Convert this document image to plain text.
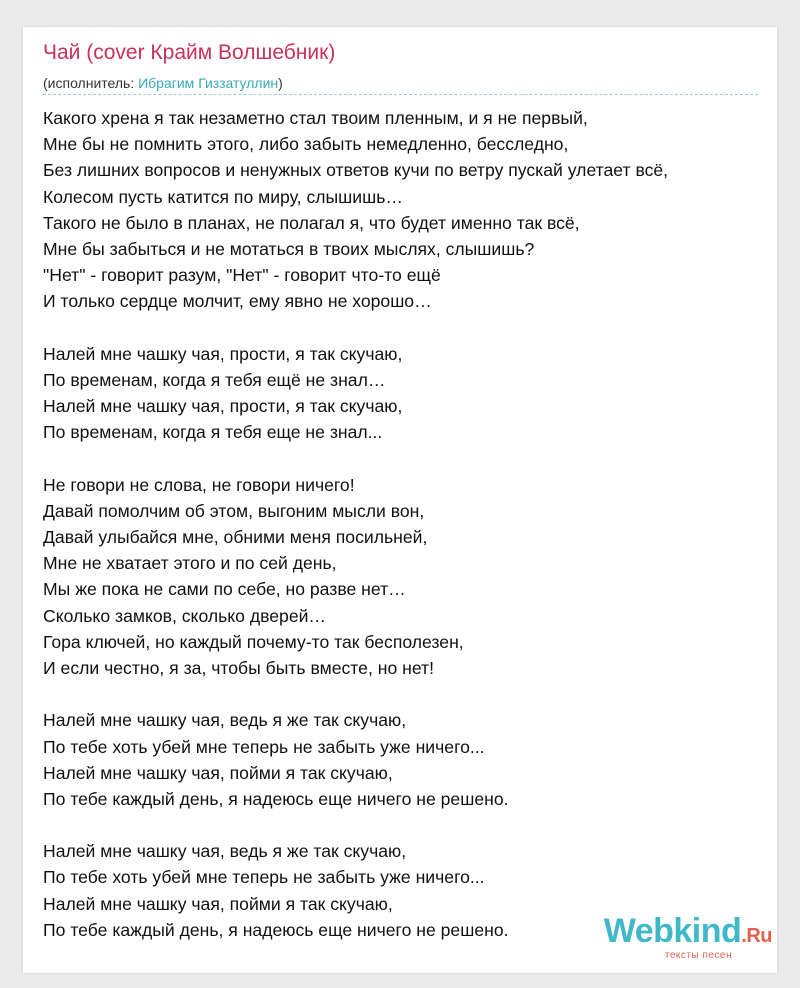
Чай (cover Крайм Волшебник)
(исполнитель: Ибрагим Гиззатуллин)
Какого хрена я так незаметно стал твоим пленным, и я не первый,
Мне бы не помнить этого, либо забыть немедленно, бесследно,
Без лишних вопросов и ненужных ответов кучи по ветру пускай улетает всё,
Колесом пусть катится по миру, слышишь…
Такого не было в планах, не полагал я, что будет именно так всё,
Мне бы забыться и не мотаться в твоих мыслях, слышишь?
"Нет" - говорит разум, "Нет" - говорит что-то ещё
И только сердце молчит, ему явно не хорошо…
Налей мне чашку чая, прости, я так скучаю,
По временам, когда я тебя ещё не знал…
Налей мне чашку чая, прости, я так скучаю,
По временам, когда я тебя еще не знал...
Не говори не слова, не говори ничего!
Давай помолчим об этом, выгоним мысли вон,
Давай улыбайся мне, обними меня посильней,
Мне не хватает этого и по сей день,
Мы же пока не сами по себе, но разве нет…
Сколько замков, сколько дверей…
Гора ключей, но каждый почему-то так бесполезен,
И если честно, я за, чтобы быть вместе, но нет!
Налей мне чашку чая, ведь я же так скучаю,
По тебе хоть убей мне теперь не забыть уже ничего...
Налей мне чашку чая, пойми я так скучаю,
По тебе каждый день, я надеюсь еще ничего не решено.
Налей мне чашку чая, ведь я же так скучаю,
По тебе хоть убей мне теперь не забыть уже ничего...
Налей мне чашку чая, пойми я так скучаю,
По тебе каждый день, я надеюсь еще ничего не решено.	Webkind.Ru
тексты песен
